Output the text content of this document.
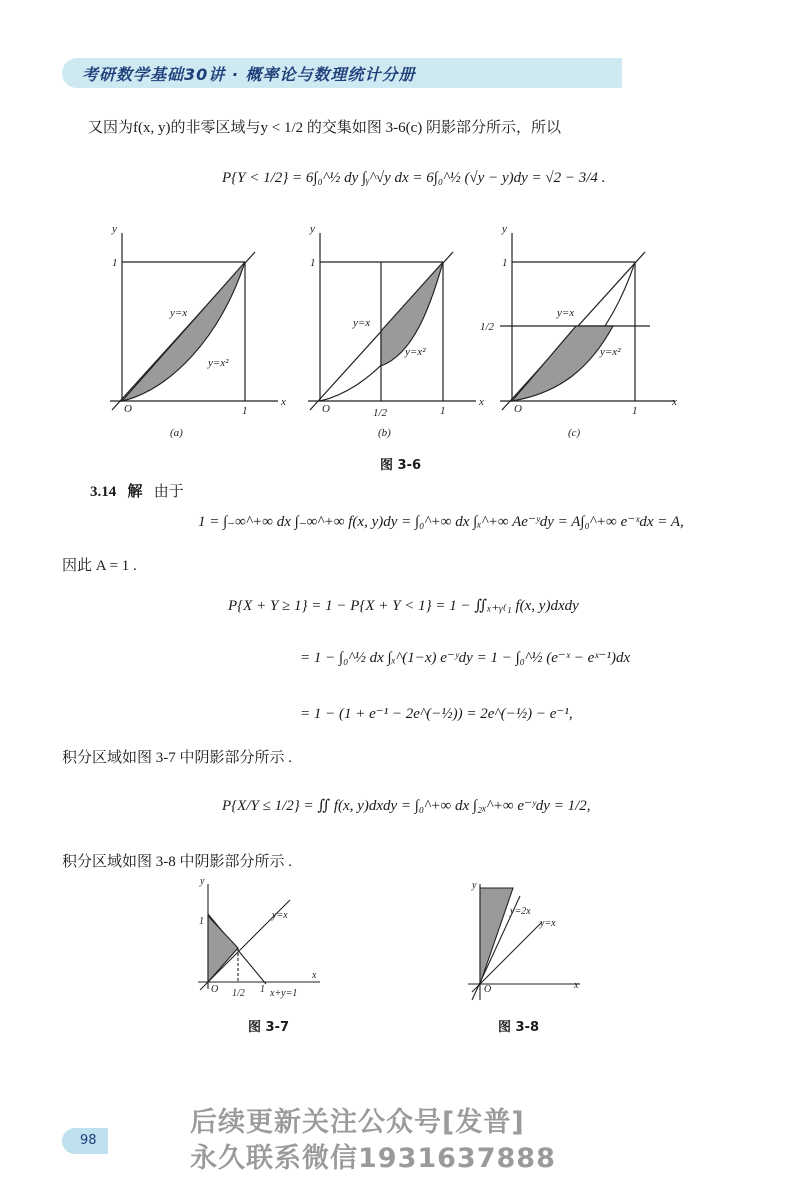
考研数学基础30讲 · 概率论与数理统计分册
又因为f(x, y)的非零区域与y < 1/2 的交集如图 3-6(c) 阴影部分所示，所以
P{Y < 1/2} = 6∫₀^½ dy ∫ᵧ^√y dx = 6∫₀^½ (√y − y)dy = √2 − 3/4 .
y
x
O
1
1
y=x
y=x²
(a)
y
x
O
1
1
1/2
y=x
y=x²
(b)
y
x
O
1
1
1/2
y=x
y=x²
(c)
图 3-6
3.14 解 由于
1 = ∫₋∞^+∞ dx ∫₋∞^+∞ f(x, y)dy = ∫₀^+∞ dx ∫ₓ^+∞ Ae⁻ʸdy = A∫₀^+∞ e⁻ˣdx = A,
因此 A = 1 .
P{X + Y ≥ 1} = 1 − P{X + Y < 1} = 1 − ∬ₓ₊ᵧ₍₁ f(x, y)dxdy
= 1 − ∫₀^½ dx ∫ₓ^(1−x) e⁻ʸdy = 1 − ∫₀^½ (e⁻ˣ − eˣ⁻¹)dx
= 1 − (1 + e⁻¹ − 2e^(−½)) = 2e^(−½) − e⁻¹,
积分区域如图 3-7 中阴影部分所示 .
P{X/Y ≤ 1/2} = ∬ f(x, y)dxdy = ∫₀^+∞ dx ∫₂ₓ^+∞ e⁻ʸdy = 1/2,
积分区域如图 3-8 中阴影部分所示 .
y
x
O
1
1
1/2
y=x
x+y=1
图 3-7
y
x
O
y=2x
y=x
图 3-8
98
后续更新关注公众号[发普]
永久联系微信1931637888
